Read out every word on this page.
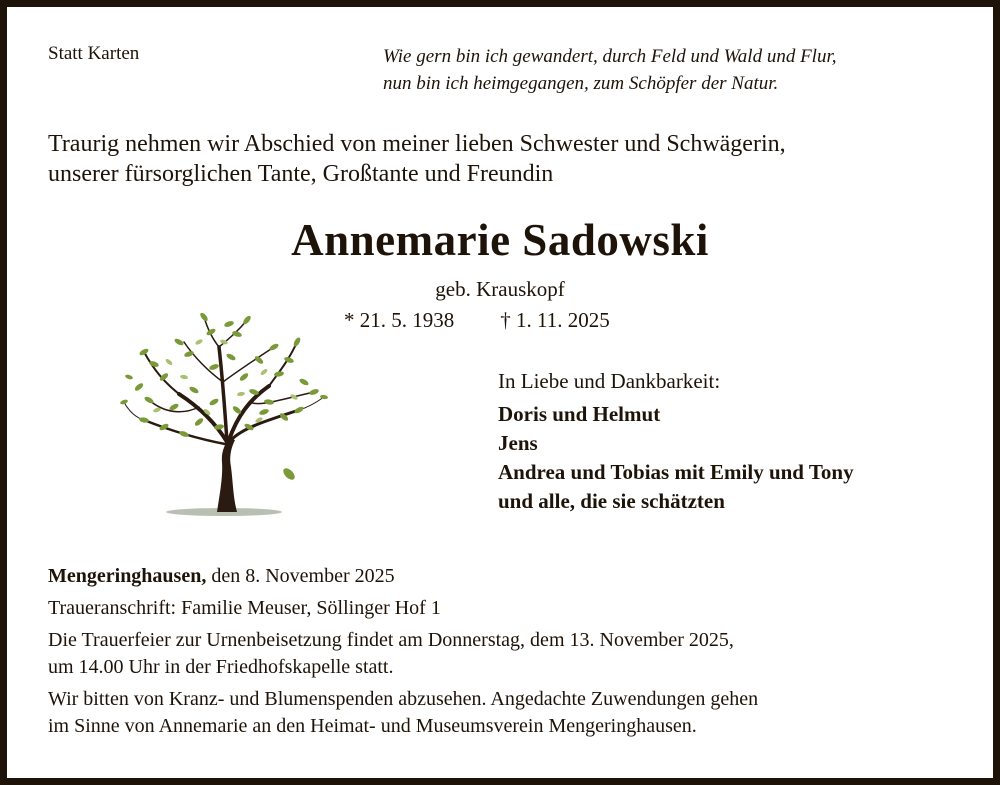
Statt Karten	Wie gern bin ich gewandert, durch Feld und Wald und Flur,
nun bin ich heimgegangen, zum Schöpfer der Natur.
Traurig nehmen wir Abschied von meiner lieben Schwester und Schwägerin,
unserer fürsorglichen Tante, Großtante und Freundin
Annemarie Sadowski
geb. Krauskopf
* 21. 5. 1938 † 1. 11. 2025
In Liebe und Dankbarkeit:
Doris und Helmut
Jens
Andrea und Tobias mit Emily und Tony
und alle, die sie schätzten
Mengeringhausen, den 8. November 2025
Traueranschrift: Familie Meuser, Söllinger Hof 1
Die Trauerfeier zur Urnenbeisetzung findet am Donnerstag, dem 13. November 2025,
um 14.00 Uhr in der Friedhofskapelle statt.
Wir bitten von Kranz- und Blumenspenden abzusehen. Angedachte Zuwendungen gehen
im Sinne von Annemarie an den Heimat- und Museumsverein Mengeringhausen.
